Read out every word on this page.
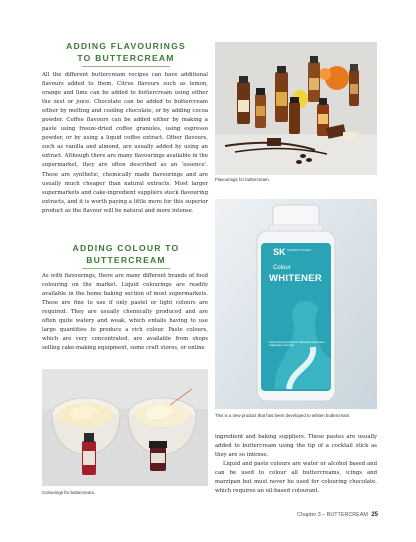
ADDING FLAVOURINGS
TO BUTTERCREAM

All the different buttercream recipes can have additional flavours added to them. Citrus flavours such as lemon, orange and lime can be added to buttercream using either the zest or juice. Chocolate can be added to buttercream either by melting and cooling chocolate, or by adding cocoa powder. Coffee flavours can be added either by making a paste using freeze-dried coffee granules, using espresso powder, or by using a liquid coffee extract. Other flavours, such as vanilla and almond, are usually added by using an extract. Although there are many flavourings available in the supermarket, they are often described as an ‘essence’. These are synthetic, chemically made flavourings and are usually much cheaper than natural extracts. Most larger supermarkets and cake-ingredient suppliers stock flavouring extracts, and it is worth paying a little more for this superior product as the flavour will be natural and more intense.

ADDING COLOUR TO
BUTTERCREAM

As with flavourings, there are many different brands of food colouring on the market. Liquid colourings are readily available in the home baking section of most supermarkets. These are fine to use if only pastel or light colours are required. They are usually chemically produced and are often quite watery and weak, which entails having to use large quantities to produce a rich colour. Paste colours, which are very concentrated, are available from shops selling cake-making equipment, some craft stores, or online

Flavourings for buttercream.
SK SQUIRES KITCHEN
Colour
WHITENER
Food colouring perfect for whitening buttercream, sugarpaste and icings
This is a new product that has been developed to whiten buttercream.
Colourings for buttercream.

ingredient and baking suppliers. These pastes are usually added to buttercream using the tip of a cocktail stick as they are so intense.

Liquid and paste colours are water or alcohol based and can be used to colour all buttercreams, icings and marzipan but must never be used for colouring chocolate, which requires an oil-based colourant.

Chapter 3 – BUTTERCREAM 25
